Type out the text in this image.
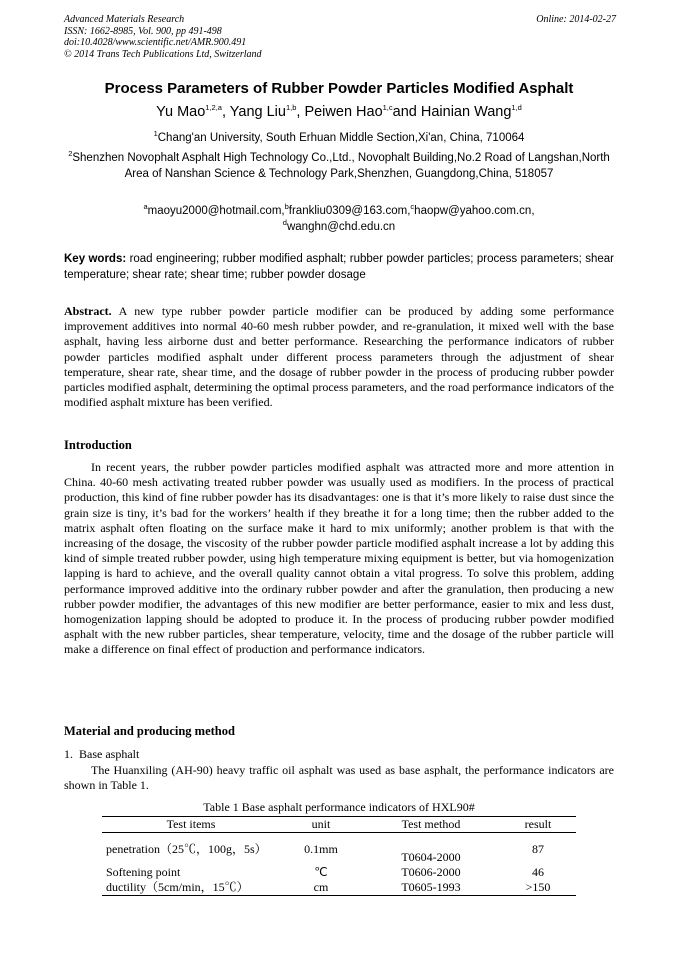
Advanced Materials Research
ISSN: 1662-8985, Vol. 900, pp 491-498
doi:10.4028/www.scientific.net/AMR.900.491
© 2014 Trans Tech Publications Ltd, Switzerland
Online: 2014-02-27
Process Parameters of Rubber Powder Particles Modified Asphalt
Yu Mao$^{1,2,a}$, Yang Liu$^{1,b}$, Peiwen Hao$^{1,c}$and Hainian Wang$^{1,d}$
$^1$Chang'an University, South Erhuan Middle Section,Xi'an, China, 710064
$^2$Shenzhen Novophalt Asphalt High Technology Co.,Ltd., Novophalt Building,No.2 Road of Langshan,North Area of Nanshan Science & Technology Park,Shenzhen, Guangdong,China, 518057
$^a$maoyu2000@hotmail.com,$^b$frankliu0309@163.com,$^c$haopw@yahoo.com.cn,
$^d$wanghn@chd.edu.cn
Key words: road engineering; rubber modified asphalt; rubber powder particles; process parameters; shear temperature; shear rate; shear time; rubber powder dosage
Abstract. A new type rubber powder particle modifier can be produced by adding some performance improvement additives into normal 40-60 mesh rubber powder, and re-granulation, it mixed well with the base asphalt, having less airborne dust and better performance. Researching the performance indicators of rubber powder particles modified asphalt under different process parameters through the adjustment of shear temperature, shear rate, shear time, and the dosage of rubber powder in the process of producing rubber powder particles modified asphalt, determining the optimal process parameters, and the road performance indicators of the modified asphalt mixture has been verified.
Introduction
In recent years, the rubber powder particles modified asphalt was attracted more and more attention in China. 40-60 mesh activating treated rubber powder was usually used as modifiers. In the process of practical production, this kind of fine rubber powder has its disadvantages: one is that it’s more likely to raise dust since the grain size is tiny, it’s bad for the workers’ health if they breathe it for a long time; then the rubber added to the matrix asphalt often floating on the surface make it hard to mix uniformly; another problem is that with the increasing of the dosage, the viscosity of the rubber powder particle modified asphalt increase a lot by adding this kind of simple treated rubber powder, using high temperature mixing equipment is better, but via homogenization lapping is hard to achieve, and the overall quality cannot obtain a vital progress. To solve this problem, adding performance improved additive into the ordinary rubber powder and after the granulation, then producing a new rubber powder modifier, the advantages of this new modifier are better performance, easier to mix and less dust, homogenization lapping should be adopted to produce it. In the process of producing rubber powder modified asphalt with the new rubber particles, shear temperature, velocity, time and the dosage of the rubber particle will make a difference on final effect of production and performance indicators.
Material and producing method
1.  Base asphalt
The Huanxiling (AH-90) heavy traffic oil asphalt was used as base asphalt, the performance indicators are shown in Table 1.
Table 1 Base asphalt performance indicators of HXL90#
Test items	unit	Test method	result
penetration（25℃，100g，5s）	0.1mm	T0604-2000	87
Softening point	℃	T0606-2000	46
ductility（5cm/min，15℃）	cm	T0605-1993	>150
